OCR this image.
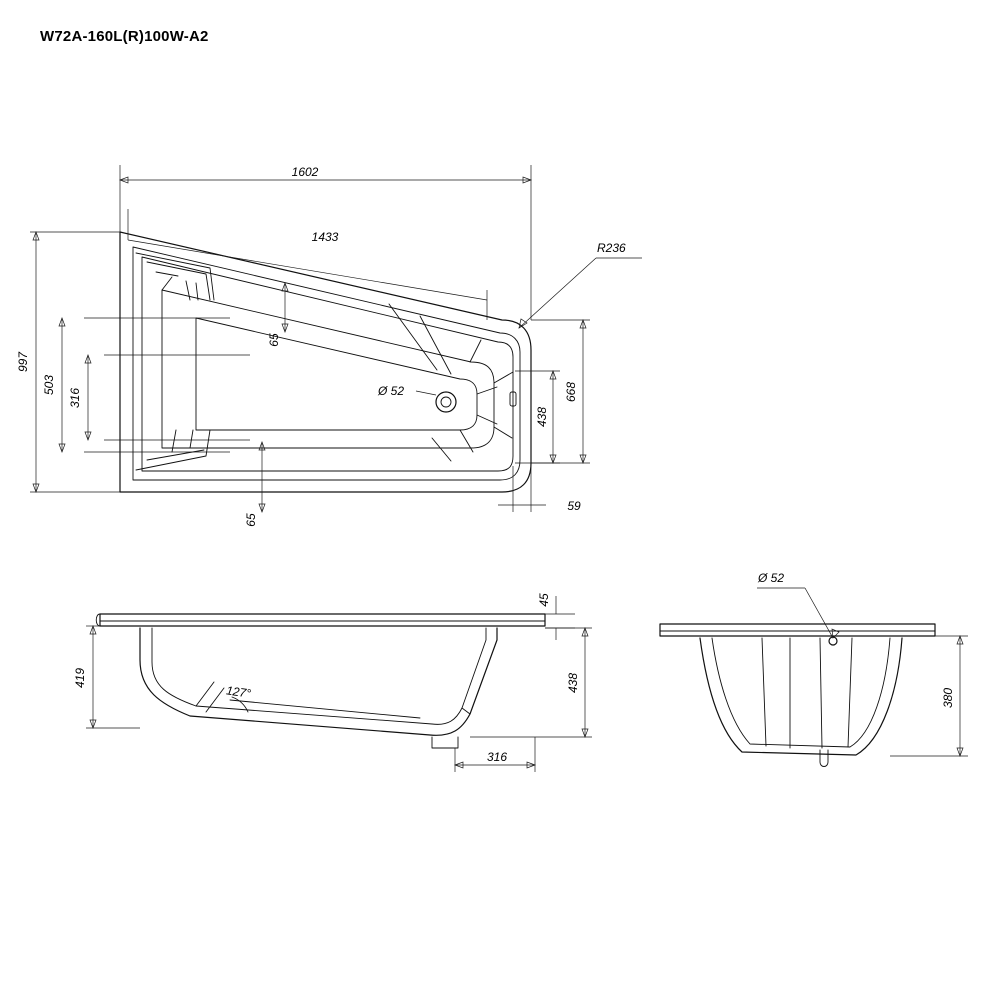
W72A-160L(R)100W-A2
1602
1433
997
503
316	668
438
65
65
59
R236
Ø 52
419
45
438
316
127°
Ø 52
380
